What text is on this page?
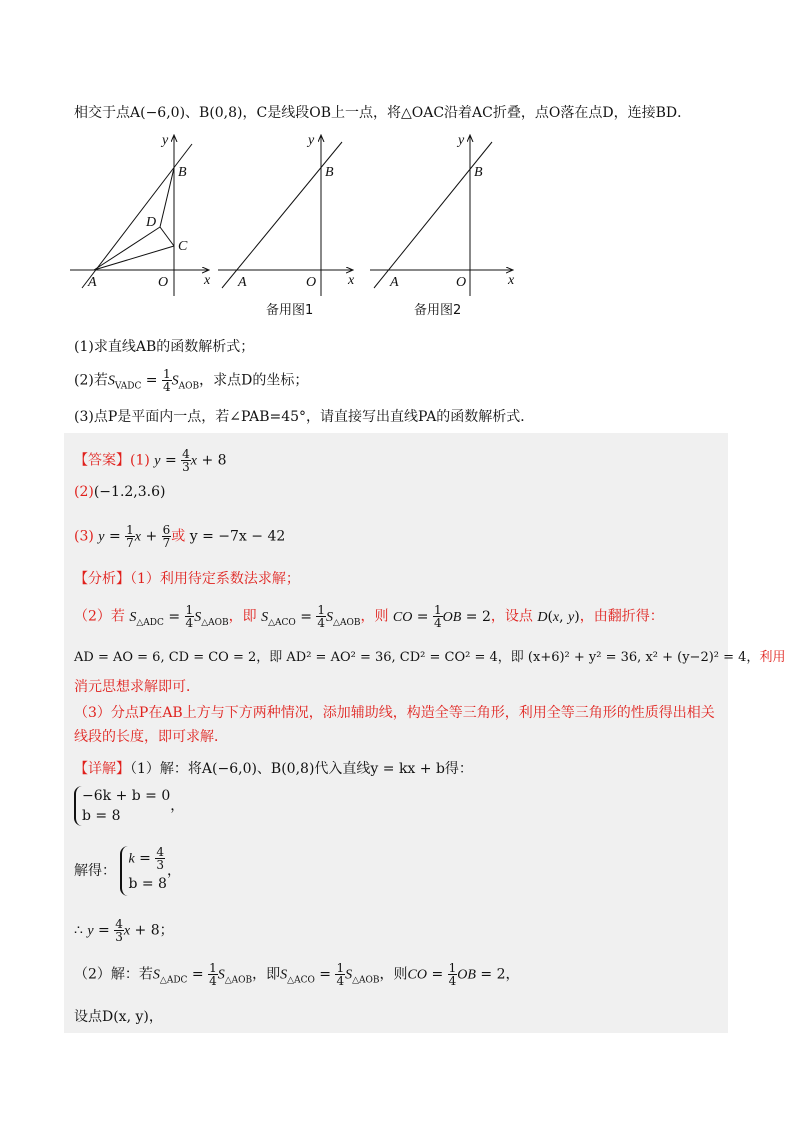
相交于点A(−6,0)、B(0,8)，C是线段OB上一点，将△OAC沿着AC折叠，点O落在点D，连接BD．
y
x
A	O
B
C
D
y
x
A	O
B
备用图1
y
x
A	O
B
备用图2
(1)求直线AB的函数解析式；
(2)若$S_{VADC} = \frac{1}{4} S_{AOB}$，求点D的坐标；
(3)点P是平面内一点，若∠PAB=45°，请直接写出直线PA的函数解析式．
【答案】(1) $y = \frac{4}{3}$ x + 8
(2)(−1.2,3.6)
(3) $y = \frac{1}{7}$ $x + \frac{6}{7}$ 或 y = −7x − 42
【分析】（1）利用待定系数法求解；
（2）若 $S_{\triangle ADC} = \frac{1}{4} S_{\triangle AOB}$，即 $S_{\triangle ACO} = \frac{1}{4} S_{\triangle AOB}$，则 CO = $\frac{1}{4}$ OB = 2，设点 D(x, y)，由翻折得：
AD = AO = 6, CD = CO = 2，即 AD² = AO² = 36, CD² = CO² = 4，即 (x+6)² + y² = 36, x² + (y−2)² = 4，利用
消元思想求解即可．
（3）分点P在AB上方与下方两种情况，添加辅助线，构造全等三角形，利用全等三角形的性质得出相关
线段的长度，即可求解．
【详解】（1）解：将A(−6,0)、B(0,8)代入直线y = kx + b得：
−6k + b = 0
b = 8
，
解得：
$k = \frac{4}{3}$
b = 8
，
∴ $y = \frac{4}{3}$ x + 8；
（2）解：若$S_{\triangle ADC} = \frac{1}{4} S_{\triangle AOB}$，即$S_{\triangle ACO} = \frac{1}{4} S_{\triangle AOB}$，则CO = $\frac{1}{4}$ OB = 2，
设点D(x, y)，
